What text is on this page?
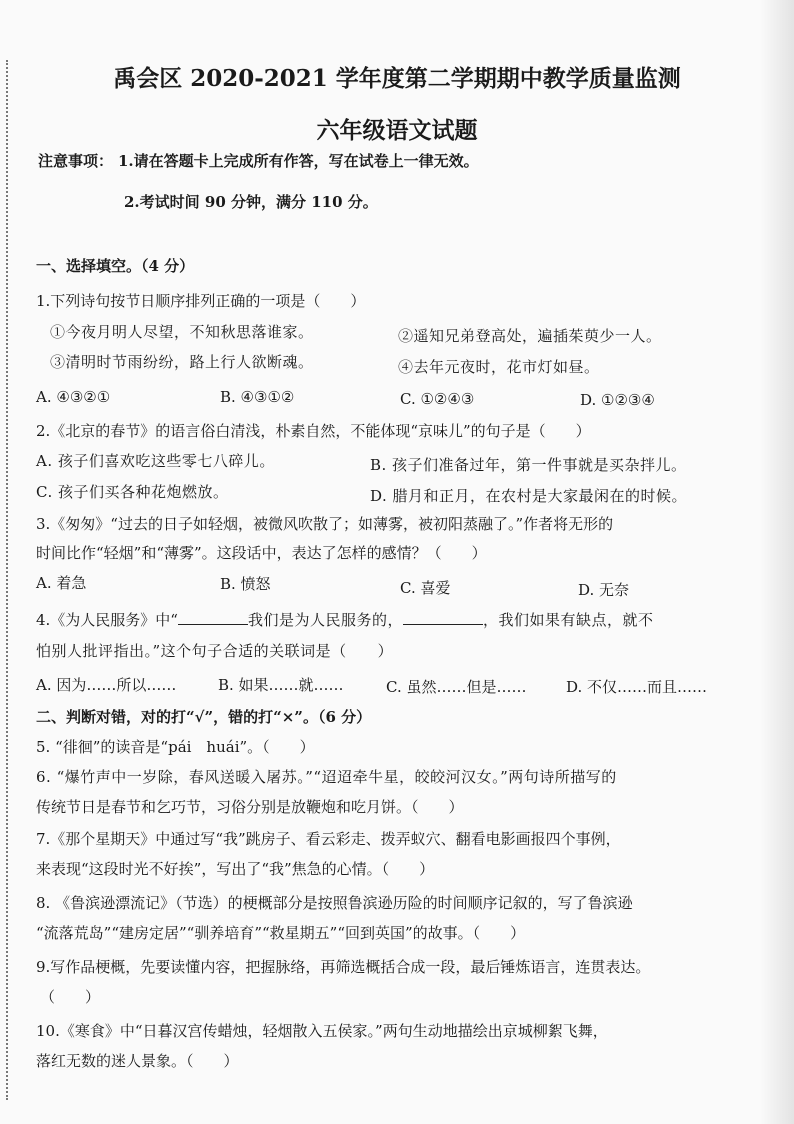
禹会区 2020-2021 学年度第二学期期中教学质量监测
六年级语文试题
注意事项： 1.请在答题卡上完成所有作答，写在试卷上一律无效。
2.考试时间 90 分钟，满分 110 分。
一、选择填空。（4 分）
1.下列诗句按节日顺序排列正确的一项是（　　）
①今夜月明人尽望，不知秋思落谁家。	②遥知兄弟登高处，遍插茱萸少一人。
③清明时节雨纷纷，路上行人欲断魂。	④去年元夜时，花市灯如昼。
A. ④③②①	B. ④③①②	C. ①②④③	D. ①②③④
2.《北京的春节》的语言俗白清浅，朴素自然，不能体现“京味儿”的句子是（　　）
A. 孩子们喜欢吃这些零七八碎儿。	B. 孩子们准备过年，第一件事就是买杂拌儿。
C. 孩子们买各种花炮燃放。	D. 腊月和正月，在农村是大家最闲在的时候。
3.《匆匆》“过去的日子如轻烟，被微风吹散了；如薄雾，被初阳蒸融了。”作者将无形的
时间比作“轻烟”和“薄雾”。这段话中，表达了怎样的感情？（　　）
A. 着急	B. 愤怒	C. 喜爱	D. 无奈
4.《为人民服务》中“	我们是为人民服务的，	，我们如果有缺点，就不
怕别人批评指出。”这个句子合适的关联词是（　　）
A. 因为……所以……	B. 如果……就……	C. 虽然……但是……	D. 不仅……而且……
二、判断对错，对的打“√”，错的打“×”。（6 分）
5. “徘徊”的读音是“pái　huái”。（　　）
6. “爆竹声中一岁除，春风送暖入屠苏。”“迢迢牵牛星，皎皎河汉女。”两句诗所描写的
传统节日是春节和乞巧节，习俗分别是放鞭炮和吃月饼。（　　）
7.《那个星期天》中通过写“我”跳房子、看云彩走、拨弄蚁穴、翻看电影画报四个事例，
来表现“这段时光不好挨”，写出了“我”焦急的心情。（　　）
8. 《鲁滨逊漂流记》（节选）的梗概部分是按照鲁滨逊历险的时间顺序记叙的，写了鲁滨逊
“流落荒岛”“建房定居”“驯养培育”“救星期五”“回到英国”的故事。（　　）
9.写作品梗概，先要读懂内容，把握脉络，再筛选概括合成一段，最后锤炼语言，连贯表达。
（　　）
10.《寒食》中“日暮汉宫传蜡烛，轻烟散入五侯家。”两句生动地描绘出京城柳絮飞舞，
落红无数的迷人景象。（　　）
